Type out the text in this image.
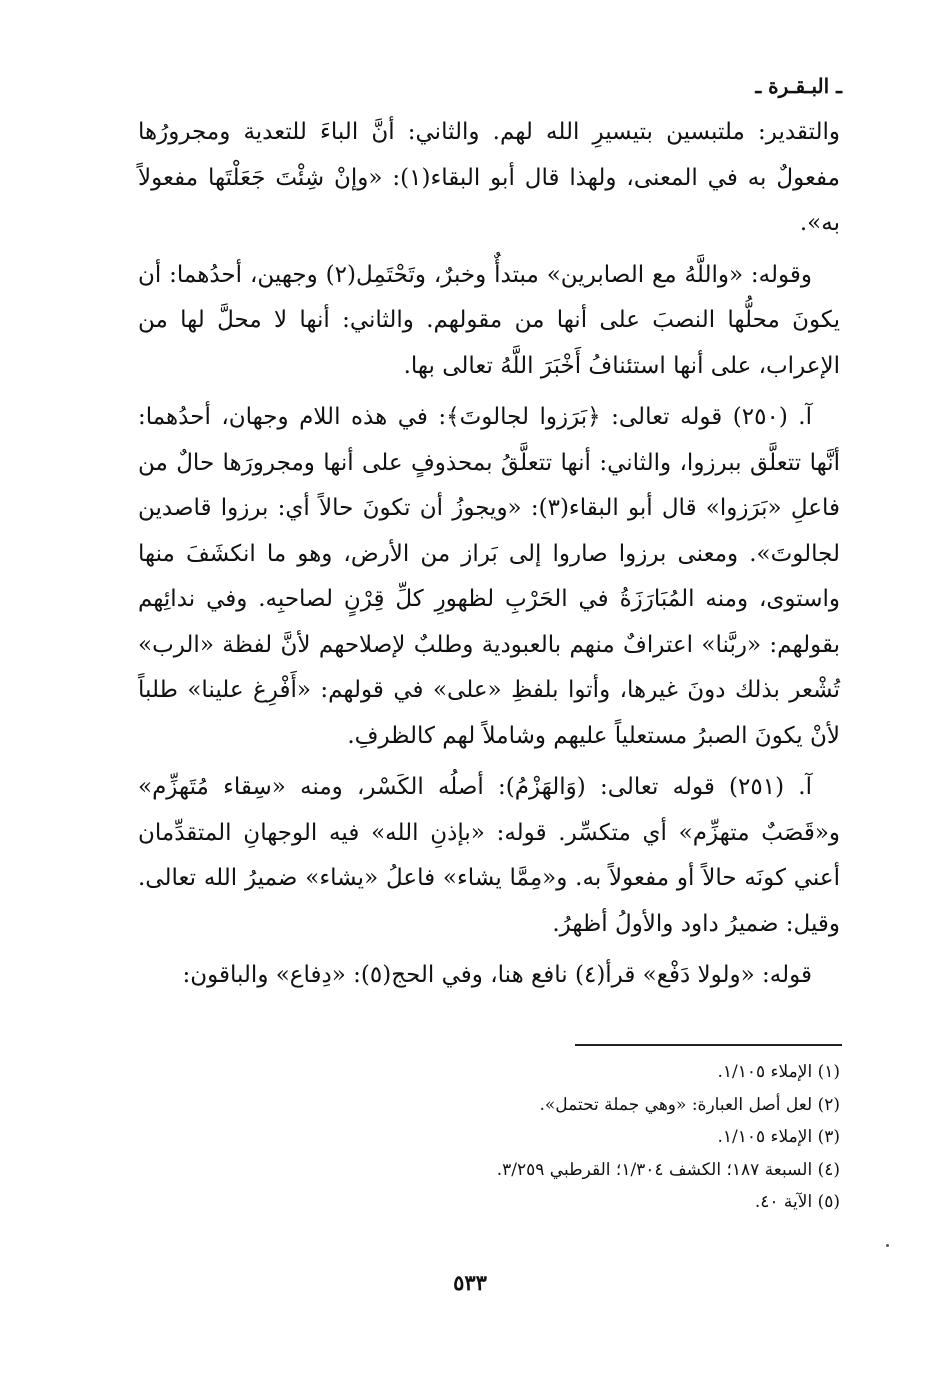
ـ البـقـرة ـ

والتقدير: ملتبسين بتيسيرِ الله لهم. والثاني: أنَّ الباءَ للتعدية ومجرورُها مفعولٌ به في المعنى، ولهذا قال أبو البقاء(١): «وإنْ شِئْتَ جَعَلْتَها مفعولاً به».

وقوله: «واللَّهُ مع الصابرين» مبتدأٌ وخبرٌ، وتَحْتَمِل(٢) وجهين، أحدُهما: أن يكونَ محلُّها النصبَ على أنها من مقولهم. والثاني: أنها لا محلَّ لها من الإعراب، على أنها استئنافُ أَخْبَرَ اللَّهُ تعالى بها.

آ. (٢٥٠) قوله تعالى: ﴿بَرَزوا لجالوتَ﴾: في هذه اللام وجهان، أحدُهما: أنَّها تتعلَّق ببرزوا، والثاني: أنها تتعلَّقُ بمحذوفٍ على أنها ومجرورَها حالٌ من فاعلِ «بَرَزوا» قال أبو البقاء(٣): «ويجوزُ أن تكونَ حالاً أي: برزوا قاصدين لجالوتَ». ومعنى برزوا صاروا إلى بَراز من الأرض، وهو ما انكشَفَ منها واستوى، ومنه المُبَارَزَةُ في الحَرْبِ لظهورِ كلِّ قِرْنٍ لصاحبِه. وفي ندائِهم بقولهم: «ربَّنا» اعترافٌ منهم بالعبودية وطلبٌ لإصلاحهم لأنَّ لفظة «الرب» تُشْعر بذلك دونَ غيرها، وأتوا بلفظِ «على» في قولهم: «أَفْرِغ علينا» طلباً لأنْ يكونَ الصبرُ مستعلياً عليهم وشاملاً لهم كالظرفِ.

آ. (٢٥١) قوله تعالى: (وَالهَزْمُ): أصلُه الكَسْر، ومنه «سِقاء مُتَهزِّم» و«قَصَبٌ متهزِّم» أي متكسِّر. قوله: «بإذنِ الله» فيه الوجهانِ المتقدِّمان أعني كونَه حالاً أو مفعولاً به. و«مِمَّا يشاء» فاعلُ «يشاء» ضميرُ الله تعالى. وقيل: ضميرُ داود والأولُ أظهرُ.

قوله: «ولولا دَفْع» قرأ(٤) نافع هنا، وفي الحج(٥): «دِفاع» والباقون:

(١) الإملاء ١/١٠٥.
(٢) لعل أصل العبارة: «وهي جملة تحتمل».
(٣) الإملاء ١/١٠٥.
(٤) السبعة ١٨٧؛ الكشف ١/٣٠٤؛ القرطبي ٣/٢٥٩.
(٥) الآية ٤٠.
٥٣٣
